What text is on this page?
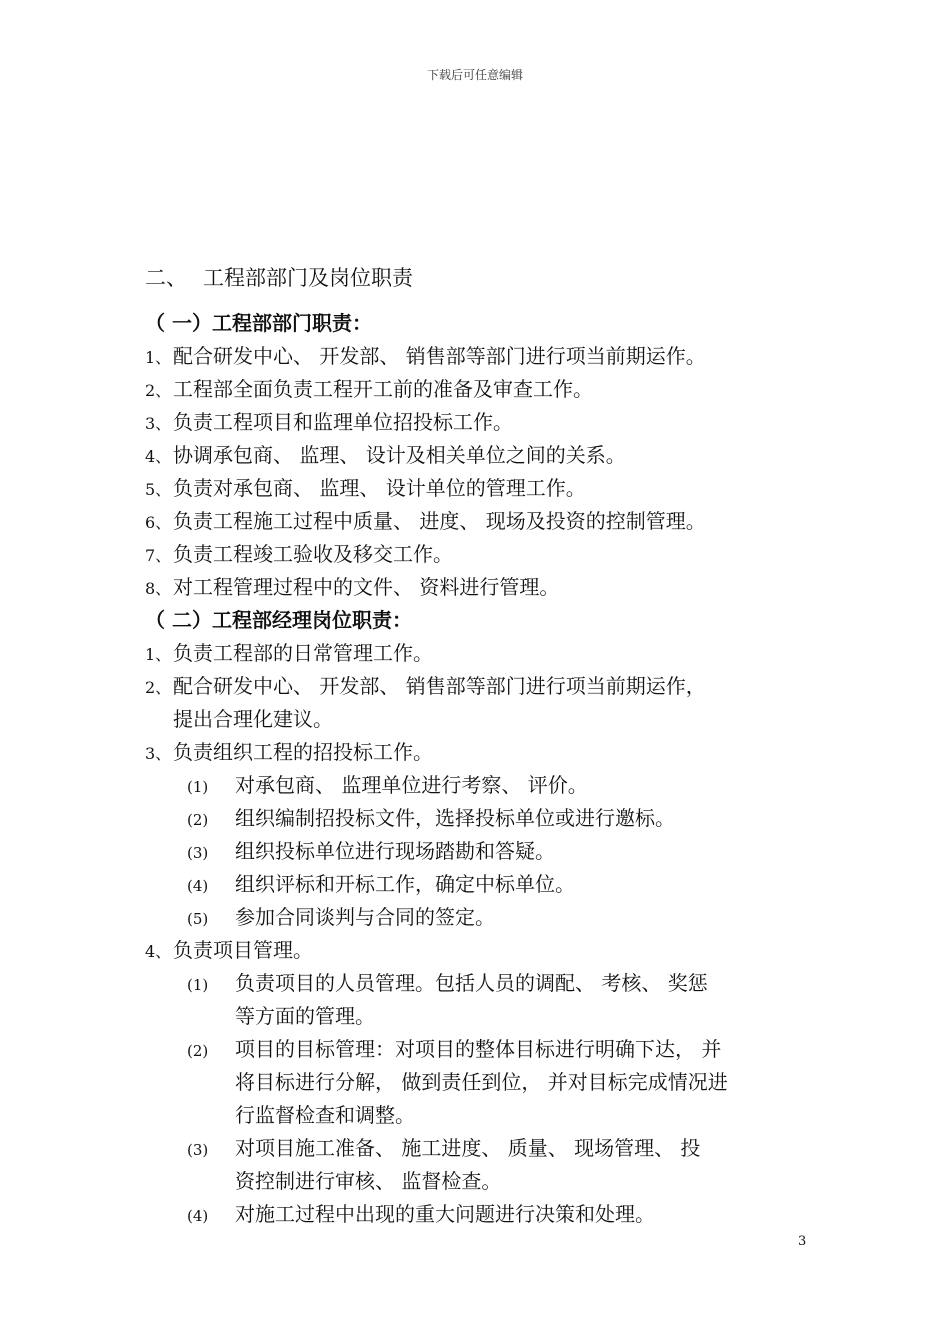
下载后可任意编辑
二、 工程部部门及岗位职责
（ 一）工程部部门职责：
1、配合研发中心、 开发部、 销售部等部门进行项当前期运作。
2、工程部全面负责工程开工前的准备及审查工作。
3、负责工程项目和监理单位招投标工作。
4、协调承包商、 监理、 设计及相关单位之间的关系。
5、负责对承包商、 监理、 设计单位的管理工作。
6、负责工程施工过程中质量、 进度、 现场及投资的控制管理。
7、负责工程竣工验收及移交工作。
8、对工程管理过程中的文件、 资料进行管理。
（ 二）工程部经理岗位职责：
1、负责工程部的日常管理工作。
2、配合研发中心、 开发部、 销售部等部门进行项当前期运作，
提出合理化建议。
3、负责组织工程的招投标工作。
(1) 对承包商、 监理单位进行考察、 评价。
(2) 组织编制招投标文件，选择投标单位或进行邀标。
(3) 组织投标单位进行现场踏勘和答疑。
(4) 组织评标和开标工作，确定中标单位。
(5) 参加合同谈判与合同的签定。
4、负责项目管理。
(1) 负责项目的人员管理。包括人员的调配、 考核、 奖惩
等方面的管理。
(2) 项目的目标管理：对项目的整体目标进行明确下达， 并
将目标进行分解， 做到责任到位， 并对目标完成情况进
行监督检查和调整。
(3) 对项目施工准备、 施工进度、 质量、 现场管理、 投
资控制进行审核、 监督检查。
(4) 对施工过程中出现的重大问题进行决策和处理。
3
